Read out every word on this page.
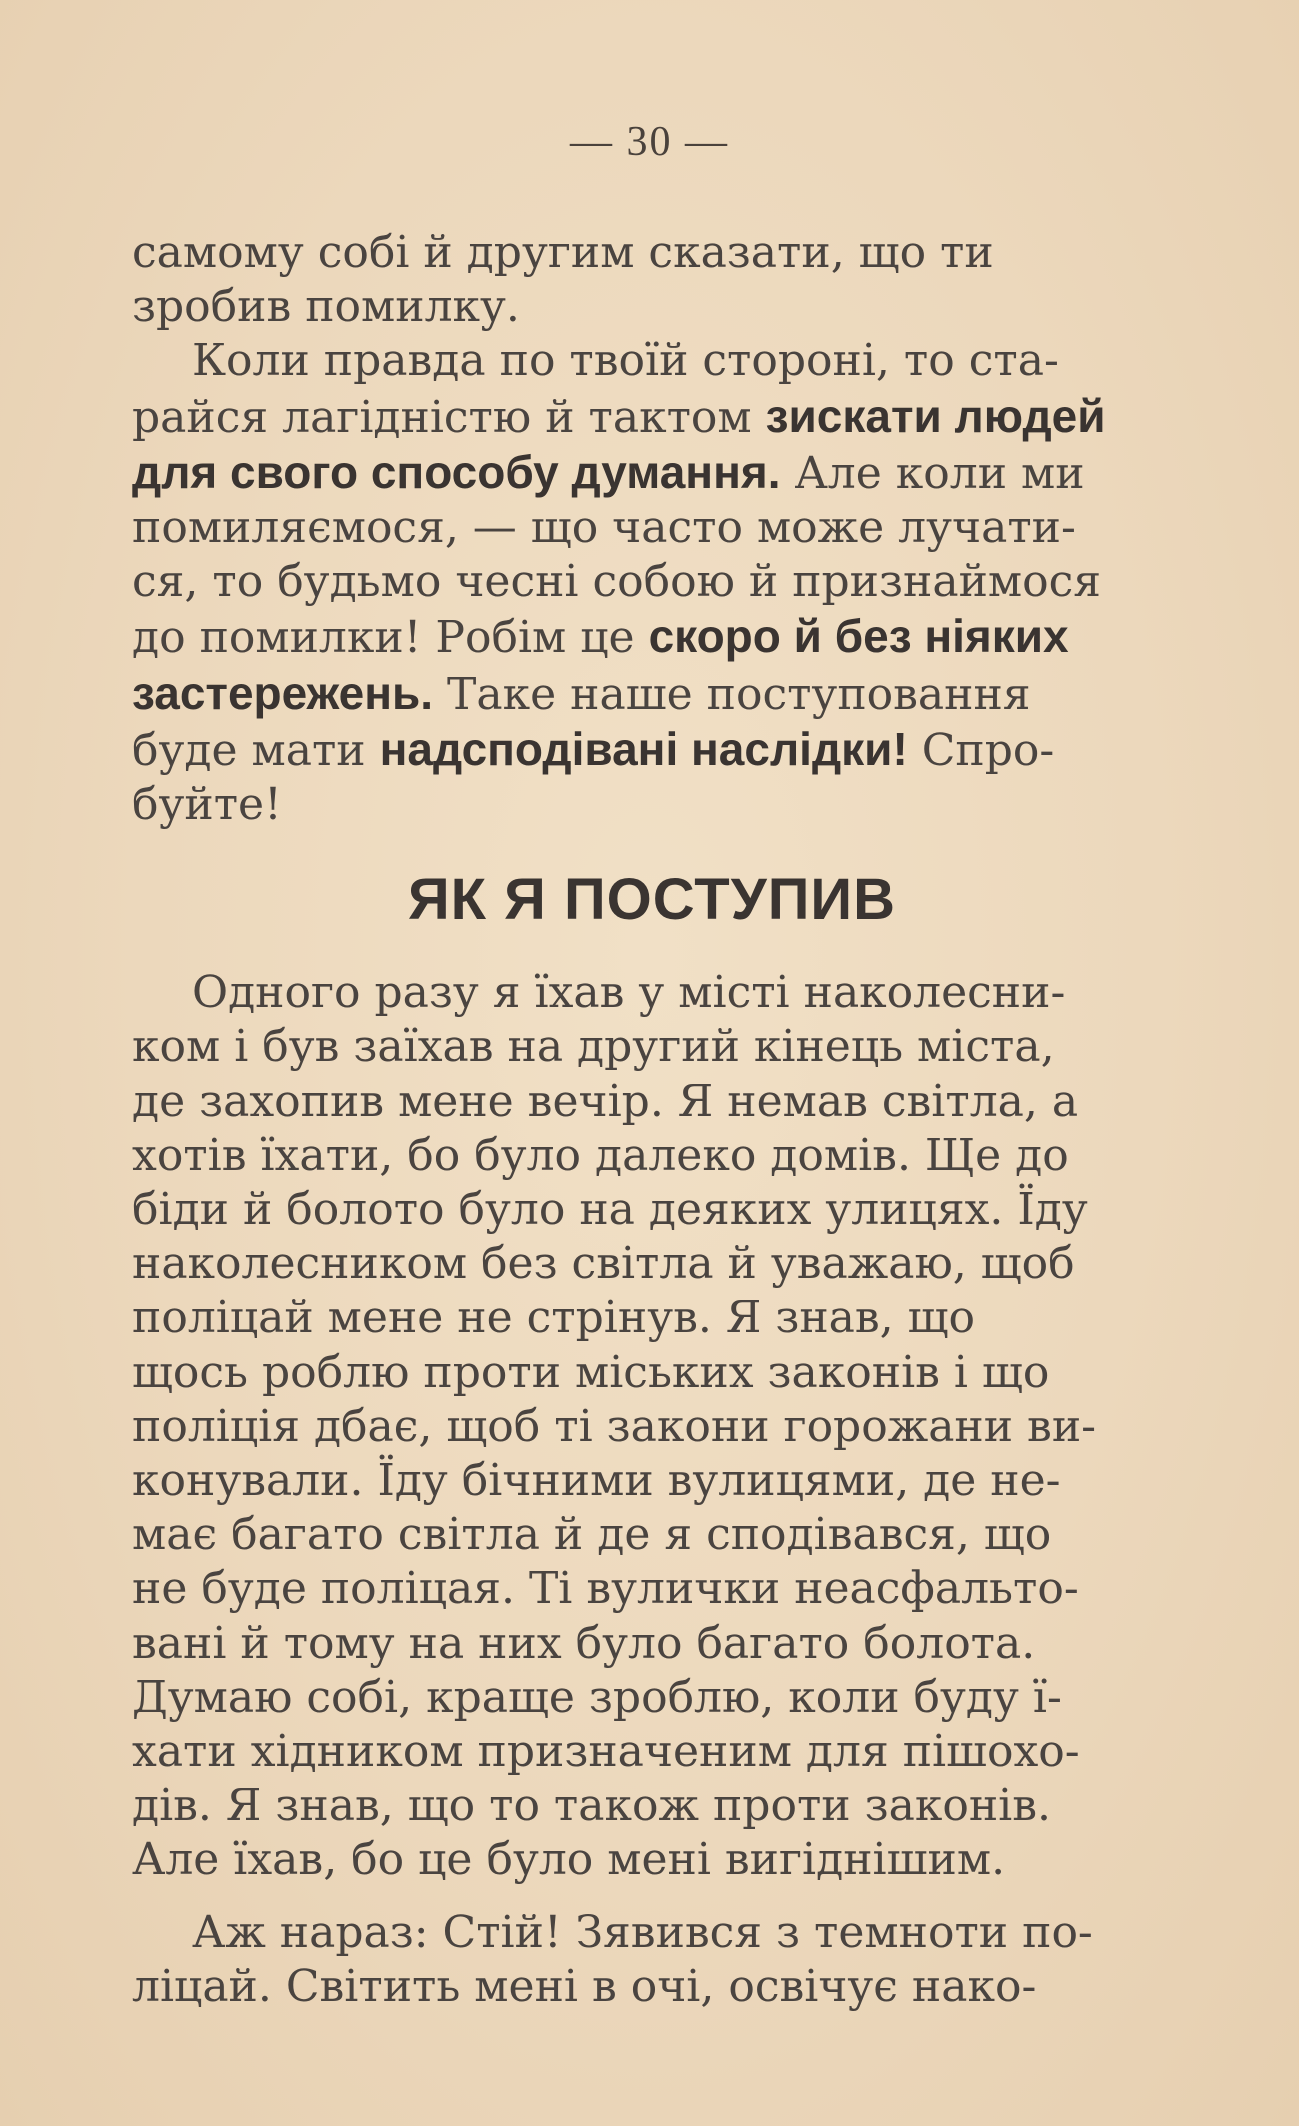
— 30 —

самому собі й другим сказати, що ти
зробив помилку.

Коли правда по твоїй стороні, то ста-
райся лагідністю й тактом зискати людей
для свого способу думання. Але коли ми
помиляємося, — що часто може лучати-
ся, то будьмо чесні собою й признаймося
до помилки! Робім це скоро й без ніяких
застережень. Таке наше поступовання
буде мати надсподівані наслідки! Спро-
буйте!

ЯК Я ПОСТУПИВ

Одного разу я їхав у місті наколесни-
ком і був заїхав на другий кінець міста,
де захопив мене вечір. Я немав світла, а
хотів їхати, бо було далеко домів. Ще до
біди й болото було на деяких улицях. Їду
наколесником без світла й уважаю, щоб
поліцай мене не стрінув. Я знав, що
щось роблю проти міських законів і що
поліція дбає, щоб ті закони горожани ви-
конували. Їду бічними вулицями, де не-
має багато світла й де я сподівався, що
не буде поліцая. Ті вулички неасфальто-
вані й тому на них було багато болота.
Думаю собі, краще зроблю, коли буду ї-
хати хідником призначеним для пішохо-
дів. Я знав, що то також проти законів.
Але їхав, бо це було мені вигіднішим.

Аж нараз: Стій! Зявився з темноти по-
ліцай. Світить мені в очі, освічує нако-
